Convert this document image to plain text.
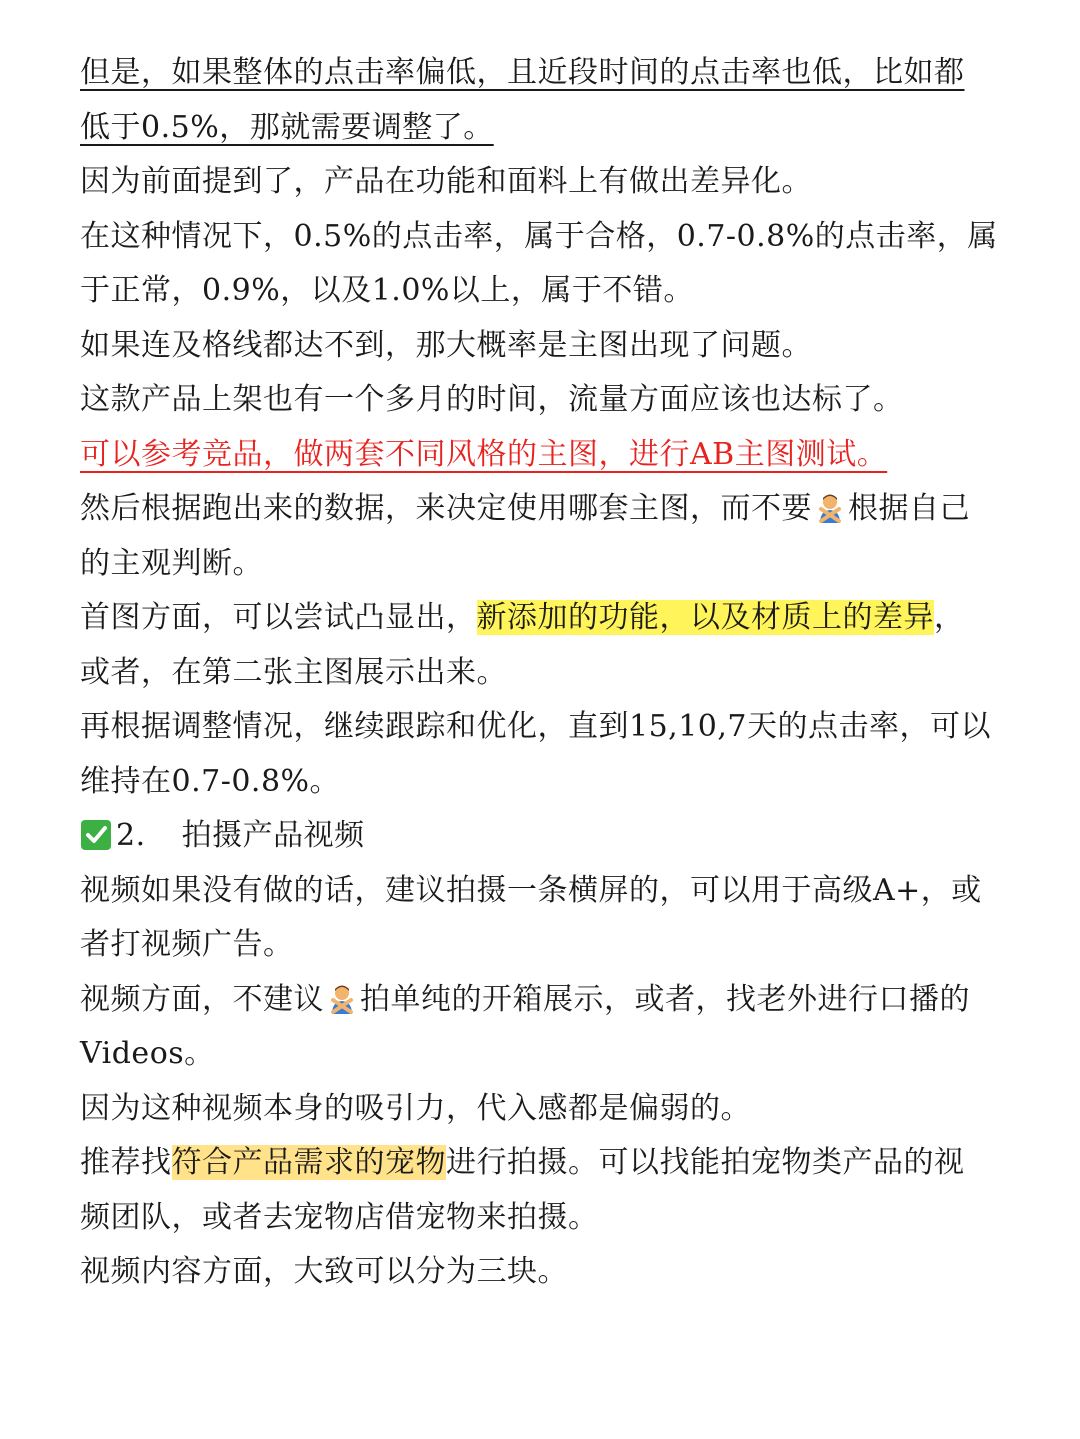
但是，如果整体的点击率偏低，且近段时间的点击率也低，比如都
低于0.5%，那就需要调整了。
因为前面提到了，产品在功能和面料上有做出差异化。
在这种情况下，0.5%的点击率，属于合格，0.7-0.8%的点击率，属
于正常，0.9%，以及1.0%以上，属于不错。
如果连及格线都达不到，那大概率是主图出现了问题。
这款产品上架也有一个多月的时间，流量方面应该也达标了。
可以参考竞品，做两套不同风格的主图，进行AB主图测试。
然后根据跑出来的数据，来决定使用哪套主图，而不要 根据自己
的主观判断。
首图方面，可以尝试凸显出，新添加的功能，以及材质上的差异，
或者，在第二张主图展示出来。
再根据调整情况，继续跟踪和优化，直到15,10,7天的点击率，可以
维持在0.7-0.8%。
2. 拍摄产品视频
视频如果没有做的话，建议拍摄一条横屏的，可以用于高级A+，或
者打视频广告。
视频方面，不建议 拍单纯的开箱展示，或者，找老外进行口播的
Videos。
因为这种视频本身的吸引力，代入感都是偏弱的。
推荐找符合产品需求的宠物进行拍摄。可以找能拍宠物类产品的视
频团队，或者去宠物店借宠物来拍摄。
视频内容方面，大致可以分为三块。
